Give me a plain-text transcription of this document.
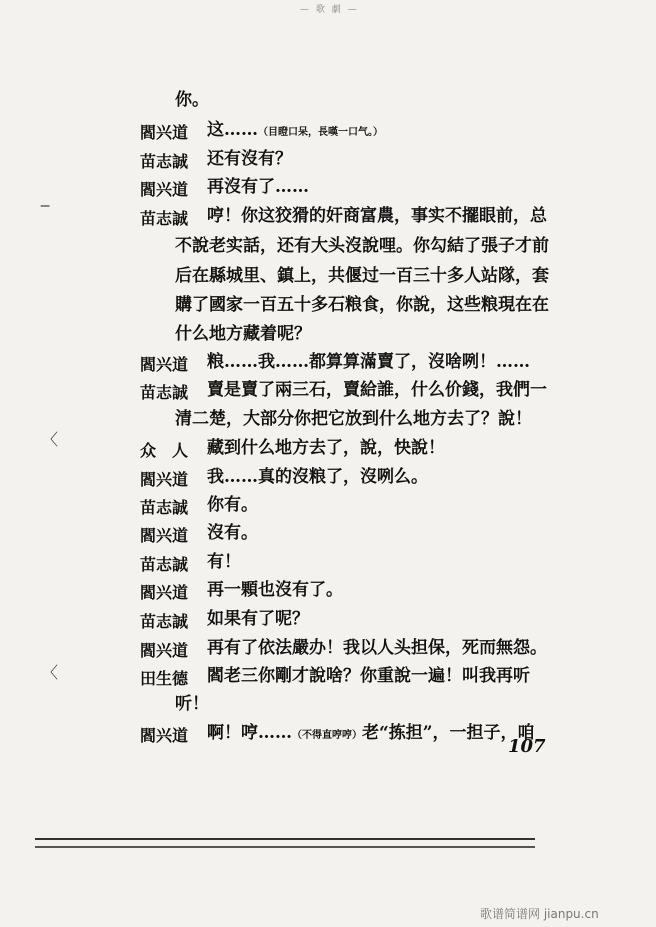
— 歌 劇 —
你。
閻兴道 这……（目瞪口呆，長嘆一口气。）
苗志誠 还有沒有？
閻兴道 再沒有了……
苗志誠 哼！你这狡猾的奸商富農，事实不擺眼前，总
不說老实話，还有大头沒說哩。你勾結了張子才前
后在縣城里、鎮上，共偃过一百三十多人站隊，套
購了國家一百五十多石粮食，你說，这些粮現在在
什么地方藏着呢？
閻兴道 粮……我……都算算滿賣了，沒啥咧！……
苗志誠 賣是賣了兩三石，賣給誰，什么价錢，我們一
清二楚，大部分你把它放到什么地方去了？說！
众　人 藏到什么地方去了，說，快說！
閻兴道 我……真的沒粮了，沒咧么。
苗志誠 你有。
閻兴道 沒有。
苗志誠 有！
閻兴道 再一顆也沒有了。
苗志誠 如果有了呢？
閻兴道 再有了依法嚴办！我以人头担保，死而無怨。
田生德 閻老三你剛才說啥？你重說一遍！叫我再听
听！
閻兴道 啊！哼……（不得直哼哼）老“拣担”，一担子，咱
‒
〈
〈
107
歌谱简谱网 jianpu.cn
